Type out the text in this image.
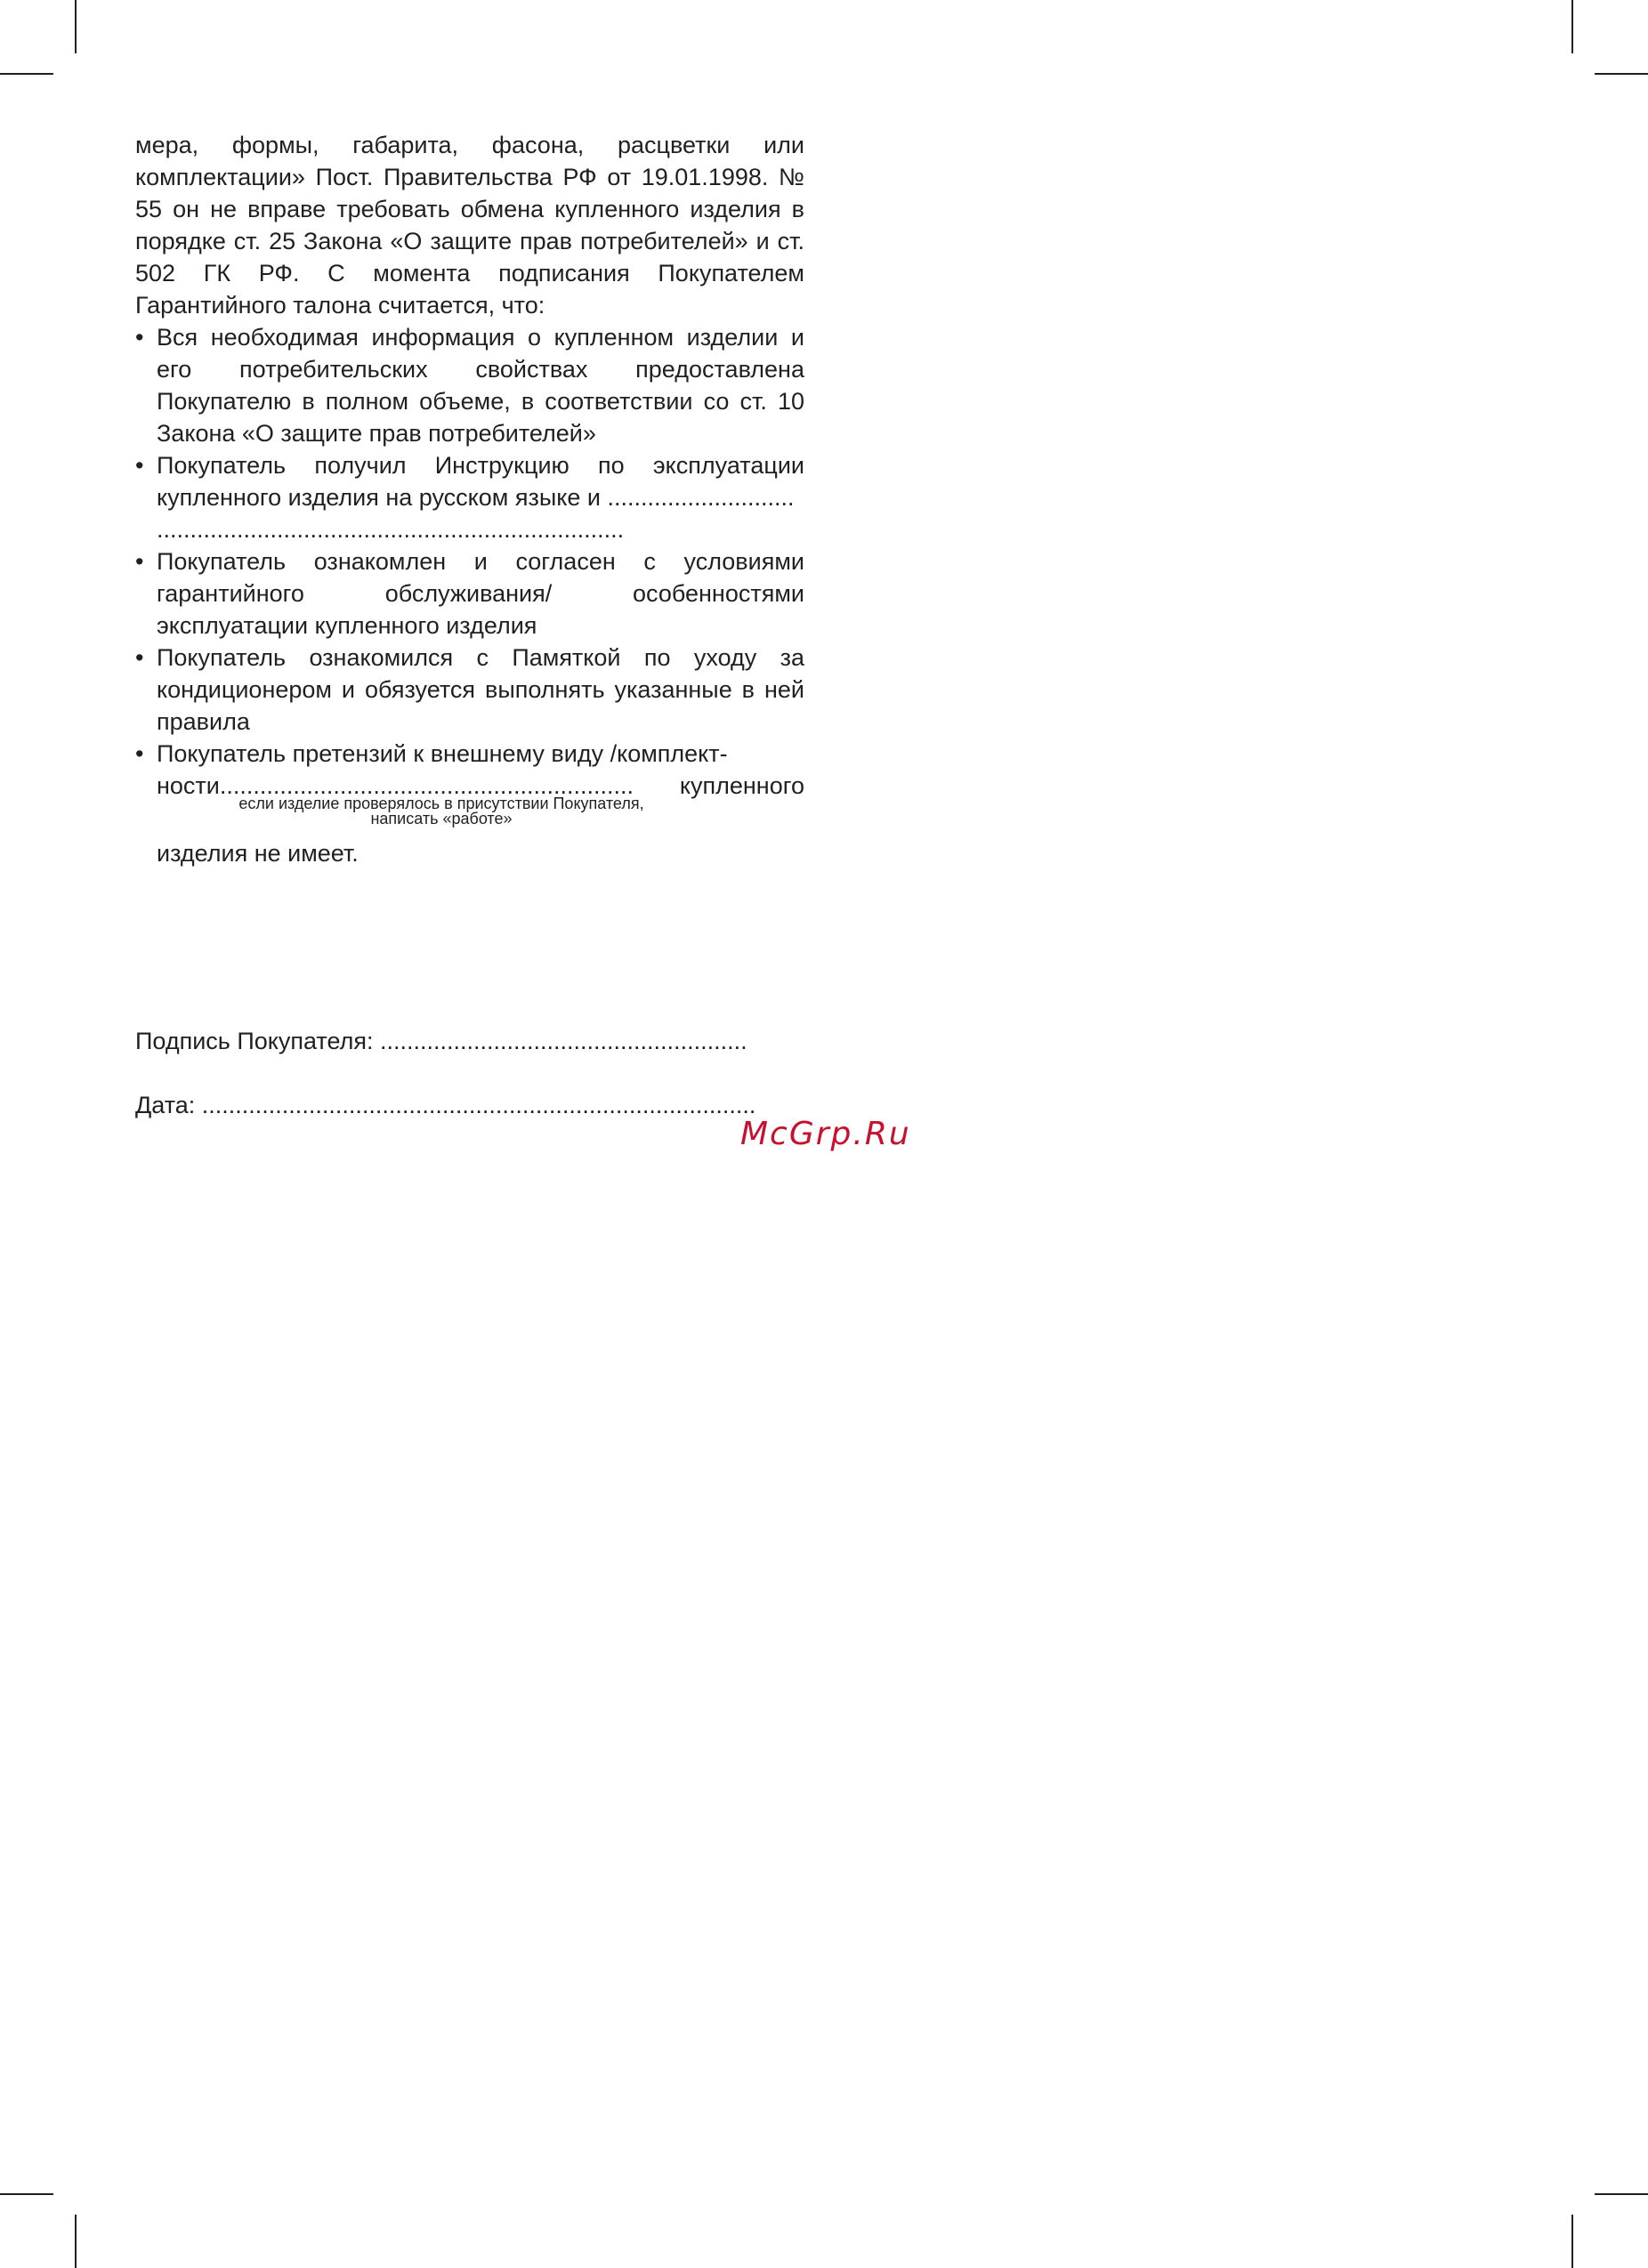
мера, формы, габарита, фасона, расцветки или комплектации» Пост. Правительства РФ от 19.01.1998. № 55 он не вправе требовать обмена купленного изделия в порядке ст. 25 Закона «О защите прав потребителей» и ст. 502 ГК РФ. С момента подписания Покупателем Гарантийного талона считается, что:

• Вся необходимая информация о купленном изделии и его потребительских свойствах предоставлена Покупателю в полном объеме, в соответствии со ст. 10 Закона «О защите прав потребителей»
• Покупатель получил Инструкцию по эксплуатации купленного изделия на русском языке и ............................
......................................................................
• Покупатель ознакомлен и согласен с условиями гарантийного обслуживания/ особенностями эксплуатации купленного изделия
• Покупатель ознакомился с Памяткой по уходу за кондиционером и обязуется выполнять указанные в ней правила
• Покупатель претензий к внешнему виду /комплект-
ности.............................................................. купленного
если изделие проверялось в присутствии Покупателя, написать «работе»
изделия не имеет.
Подпись Покупателя: .......................................................
Дата: ...................................................................................
McGrp.Ru
